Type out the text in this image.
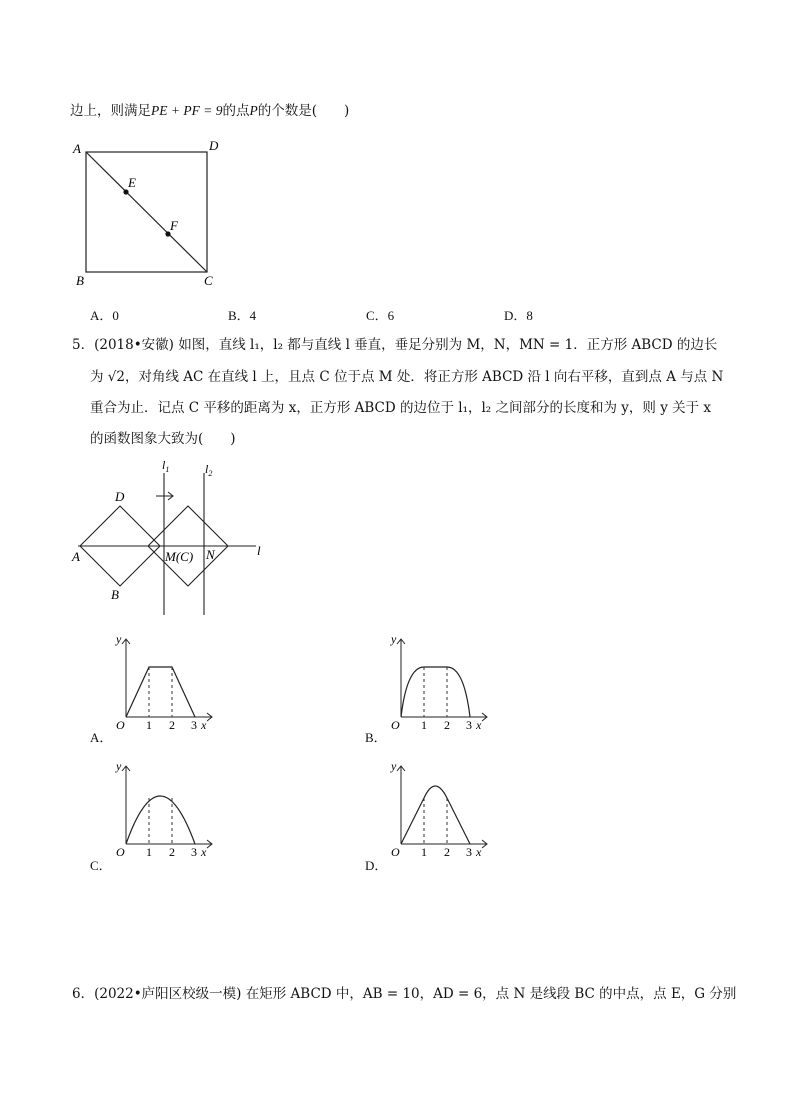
边上，则满足PE + PF = 9的点P的个数是(　　)
A	D
B	C
E
F
A．0	B．4	C．6	D．8
5．(2018•安徽) 如图，直线 l₁，l₂ 都与直线 l 垂直，垂足分别为 M，N，MN = 1．正方形 ABCD 的边长
为 √2，对角线 AC 在直线 l 上，且点 C 位于点 M 处．将正方形 ABCD 沿 l 向右平移，直到点 A 与点 N
重合为止．记点 C 平移的距离为 x，正方形 ABCD 的边位于 l₁，l₂ 之间部分的长度和为 y，则 y 关于 x
的函数图象大致为(　　)
$l_1$	$l_2$
l
A
D
B
M(C) N
y
O 1 2 3 x
A．
y
O 1 2 3 x
B．
y
O 1 2 3 x
C．
y
O 1 2 3 x
D．
6．(2022•庐阳区校级一模) 在矩形 ABCD 中，AB = 10，AD = 6，点 N 是线段 BC 的中点，点 E，G 分别
